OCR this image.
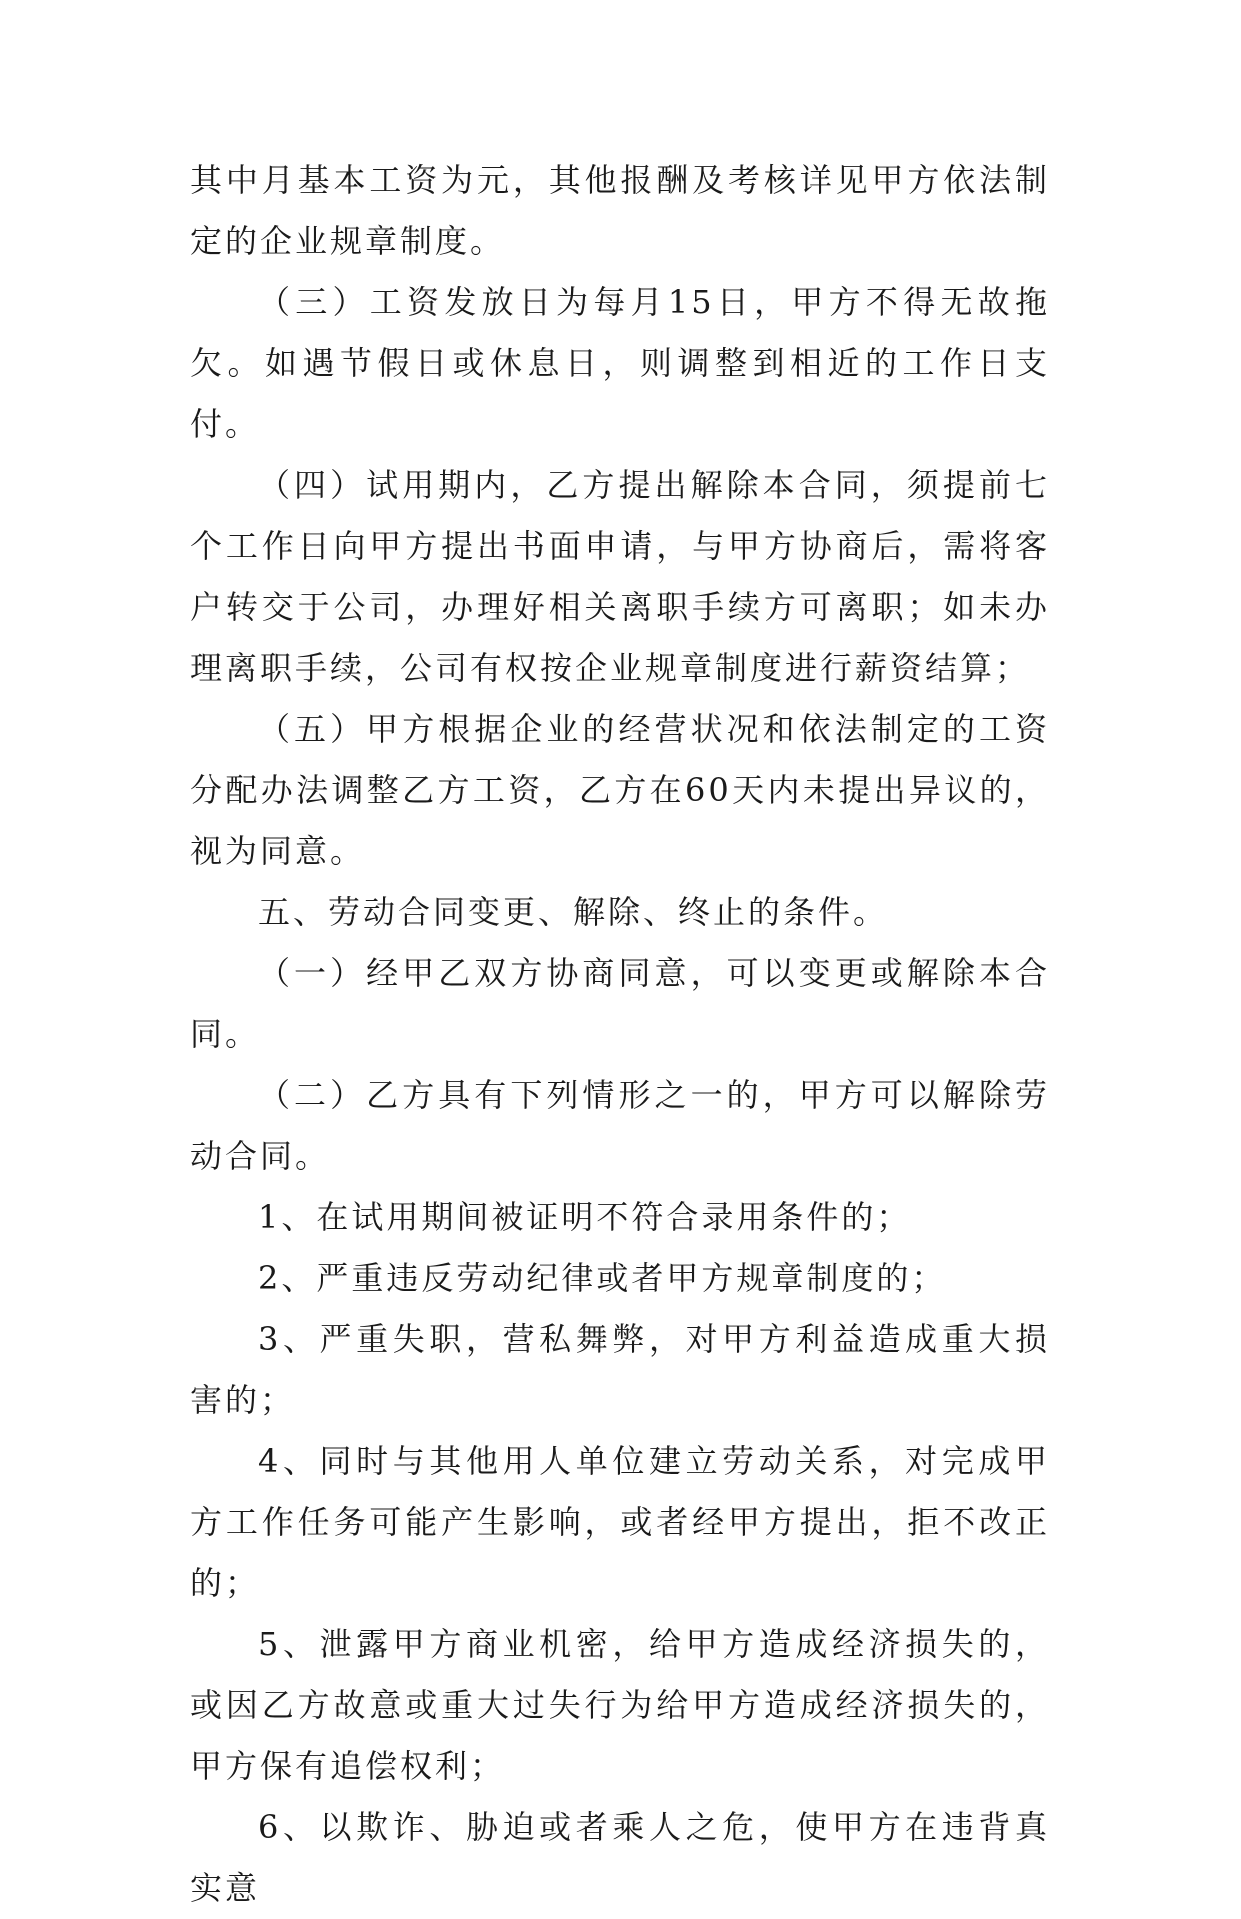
其中月基本工资为元，其他报酬及考核详见甲方依法制定的企业规章制度。

（三）工资发放日为每月15日，甲方不得无故拖欠。如遇节假日或休息日，则调整到相近的工作日支付。

（四）试用期内，乙方提出解除本合同，须提前七个工作日向甲方提出书面申请，与甲方协商后，需将客户转交于公司，办理好相关离职手续方可离职；如未办理离职手续，公司有权按企业规章制度进行薪资结算；

（五）甲方根据企业的经营状况和依法制定的工资分配办法调整乙方工资，乙方在60天内未提出异议的，视为同意。

五、劳动合同变更、解除、终止的条件。

（一）经甲乙双方协商同意，可以变更或解除本合同。

（二）乙方具有下列情形之一的，甲方可以解除劳动合同。

1、在试用期间被证明不符合录用条件的；

2、严重违反劳动纪律或者甲方规章制度的；

3、严重失职，营私舞弊，对甲方利益造成重大损害的；

4、同时与其他用人单位建立劳动关系，对完成甲方工作任务可能产生影响，或者经甲方提出，拒不改正的；

5、泄露甲方商业机密，给甲方造成经济损失的，或因乙方故意或重大过失行为给甲方造成经济损失的，甲方保有追偿权利；

6、以欺诈、胁迫或者乘人之危，使甲方在违背真实意
